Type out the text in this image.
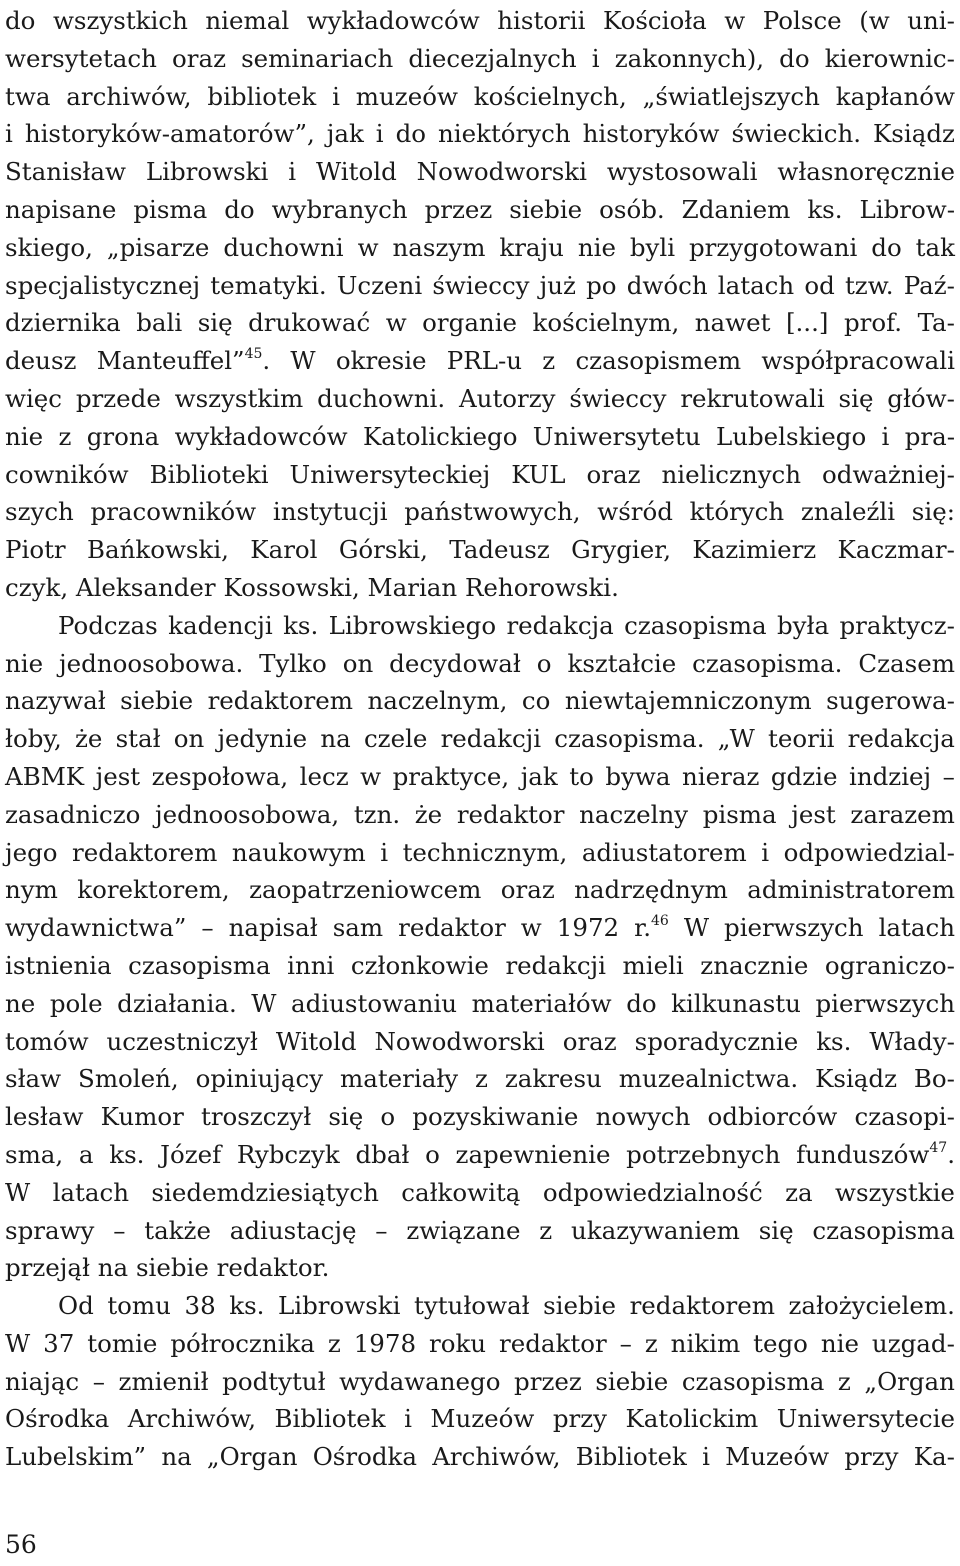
do wszystkich niemal wykładowców historii Kościoła w Polsce (w uni-
wersytetach oraz seminariach diecezjalnych i zakonnych), do kierownic-
twa archiwów, bibliotek i muzeów kościelnych, „światlejszych kapłanów
i historyków-amatorów”, jak i do niektórych historyków świeckich. Ksiądz
Stanisław Librowski i Witold Nowodworski wystosowali własnoręcznie
napisane pisma do wybranych przez siebie osób. Zdaniem ks. Librow-
skiego, „pisarze duchowni w naszym kraju nie byli przygotowani do tak
specjalistycznej tematyki. Uczeni świeccy już po dwóch latach od tzw. Paź-
dziernika bali się drukować w organie kościelnym, nawet [...] prof. Ta-
deusz Manteuffel”$^{45}$. W okresie PRL-u z czasopismem współpracowali
więc przede wszystkim duchowni. Autorzy świeccy rekrutowali się głów-
nie z grona wykładowców Katolickiego Uniwersytetu Lubelskiego i pra-
cowników Biblioteki Uniwersyteckiej KUL oraz nielicznych odważniej-
szych pracowników instytucji państwowych, wśród których znaleźli się:
Piotr Bańkowski, Karol Górski, Tadeusz Grygier, Kazimierz Kaczmar-
czyk, Aleksander Kossowski, Marian Rehorowski.
Podczas kadencji ks. Librowskiego redakcja czasopisma była praktycz-
nie jednoosobowa. Tylko on decydował o kształcie czasopisma. Czasem
nazywał siebie redaktorem naczelnym, co niewtajemniczonym sugerowa-
łoby, że stał on jedynie na czele redakcji czasopisma. „W teorii redakcja
ABMK jest zespołowa, lecz w praktyce, jak to bywa nieraz gdzie indziej –
zasadniczo jednoosobowa, tzn. że redaktor naczelny pisma jest zarazem
jego redaktorem naukowym i technicznym, adiustatorem i odpowiedzial-
nym korektorem, zaopatrzeniowcem oraz nadrzędnym administratorem
wydawnictwa” – napisał sam redaktor w 1972 r.$^{46}$ W pierwszych latach
istnienia czasopisma inni członkowie redakcji mieli znacznie ograniczo-
ne pole działania. W adiustowaniu materiałów do kilkunastu pierwszych
tomów uczestniczył Witold Nowodworski oraz sporadycznie ks. Włady-
sław Smoleń, opiniujący materiały z zakresu muzealnictwa. Ksiądz Bo-
lesław Kumor troszczył się o pozyskiwanie nowych odbiorców czasopi-
sma, a ks. Józef Rybczyk dbał o zapewnienie potrzebnych funduszów$^{47}$.
W latach siedemdziesiątych całkowitą odpowiedzialność za wszystkie
sprawy – także adiustację – związane z ukazywaniem się czasopisma
przejął na siebie redaktor.
Od tomu 38 ks. Librowski tytułował siebie redaktorem założycielem.
W 37 tomie półrocznika z 1978 roku redaktor – z nikim tego nie uzgad-
niając – zmienił podtytuł wydawanego przez siebie czasopisma z „Organ
Ośrodka Archiwów, Bibliotek i Muzeów przy Katolickim Uniwersytecie
Lubelskim” na „Organ Ośrodka Archiwów, Bibliotek i Muzeów przy Ka-
56
